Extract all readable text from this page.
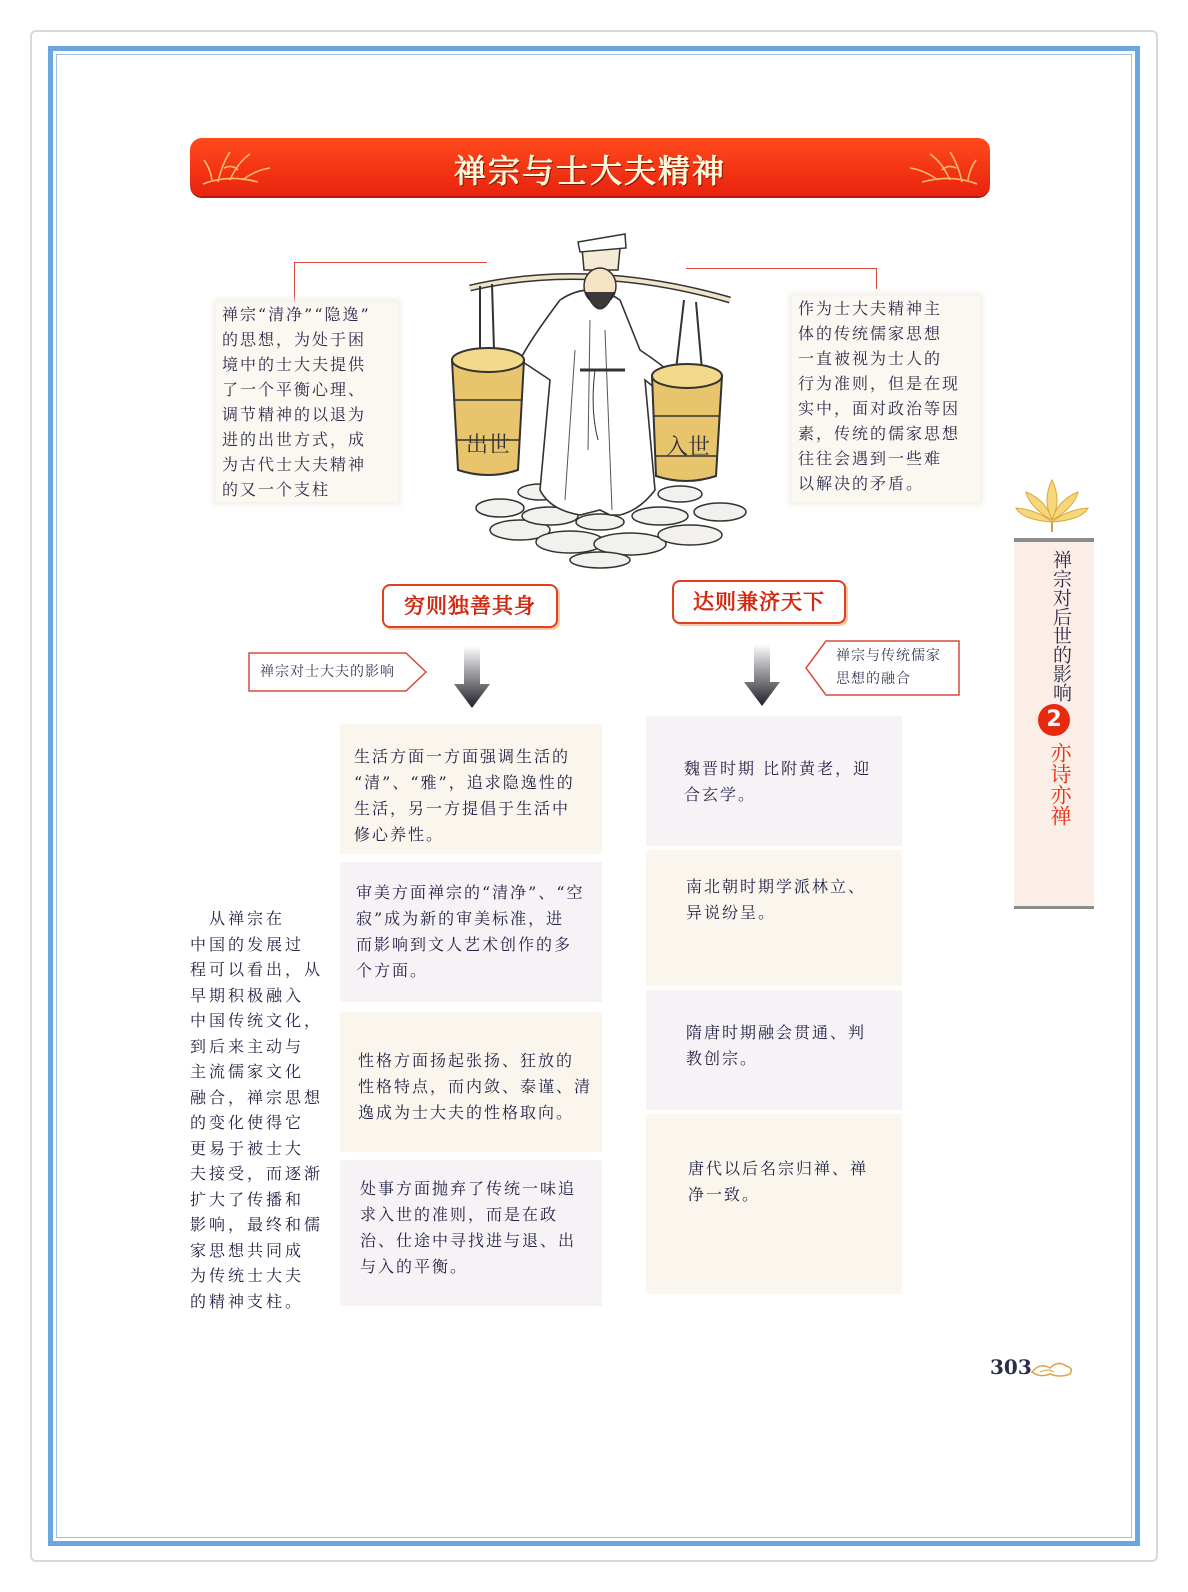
禅宗与士大夫精神

禅宗“清净”“隐逸”

的思想，为处于困

境中的士大夫提供

了一个平衡心理、

调节精神的以退为

进的出世方式，成

为古代士大夫精神

的又一个支柱

作为士大夫精神主

体的传统儒家思想

一直被视为士人的

行为准则，但是在现

实中，面对政治等因

素，传统的儒家思想

往往会遇到一些难

以解决的矛盾。

出世	入世
穷则独善其身	达则兼济天下
禅宗对士大夫的影响
禅宗与传统儒家
思想的融合
生活方面一方面强调生活的
“清”、“雅”，追求隐逸性的
生活，另一方提倡于生活中
修心养性。
审美方面禅宗的“清净”、“空
寂”成为新的审美标准，进
而影响到文人艺术创作的多
个方面。
性格方面扬起张扬、狂放的
性格特点，而内敛、泰谨、清
逸成为士大夫的性格取向。
处事方面抛弃了传统一味追
求入世的准则，而是在政
治、仕途中寻找进与退、出
与入的平衡。
魏晋时期 比附黄老，迎
合玄学。
南北朝时期学派林立、
异说纷呈。
隋唐时期融会贯通、判
教创宗。
唐代以后名宗归禅、禅
净一致。
　从禅宗在
中国的发展过
程可以看出，从
早期积极融入
中国传统文化，
到后来主动与
主流儒家文化
融合，禅宗思想
的变化使得它
更易于被士大
夫接受，而逐渐
扩大了传播和
影响，最终和儒
家思想共同成
为传统士大夫
的精神支柱。
禅宗对后世的影响
2
亦诗亦禅
303
